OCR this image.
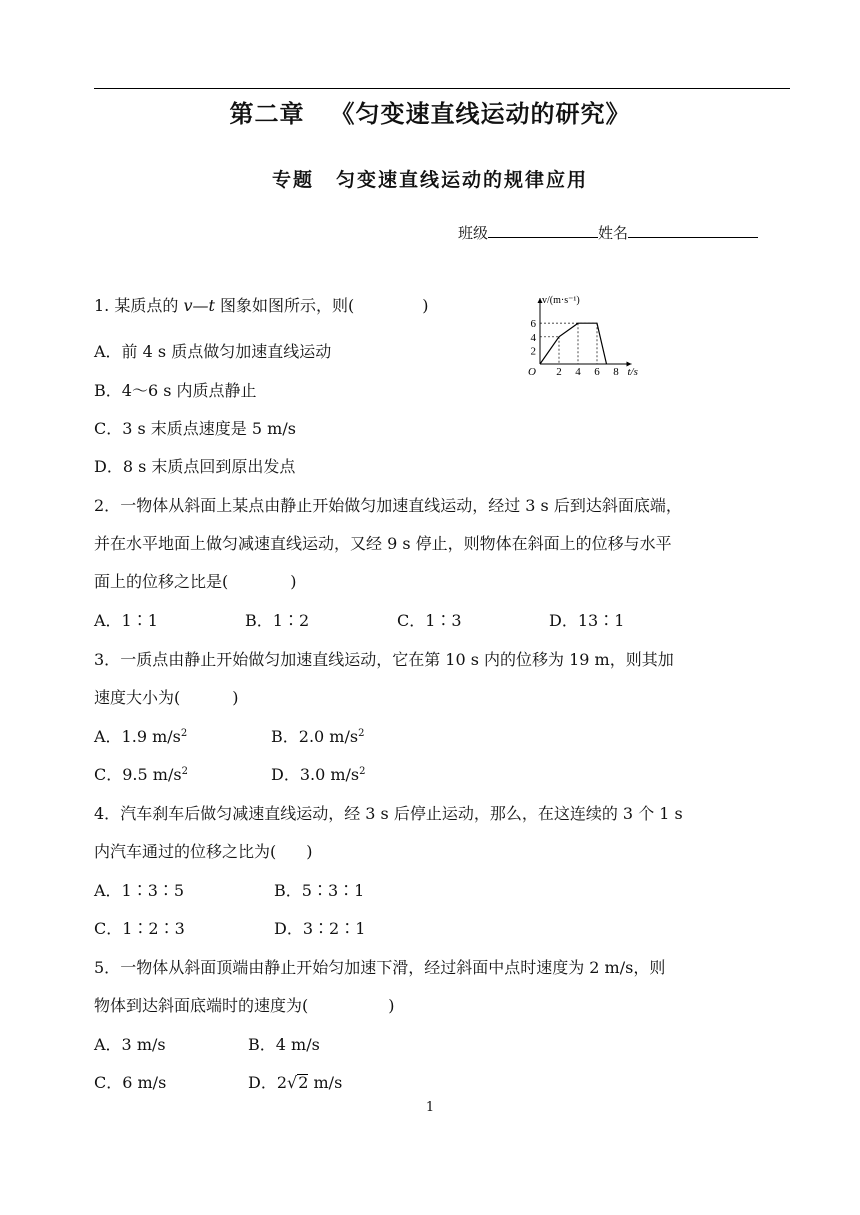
第二章 《匀变速直线运动的研究》
专题 匀变速直线运动的规律应用
班级	姓名
1. 某质点的 v—t 图象如图所示，则(	)
2 4 6 8
2
4
6
O	t/s
v/(m·s⁻¹)
A．前 4 s 质点做匀加速直线运动
B．4～6 s 内质点静止
C．3 s 末质点速度是 5 m/s
D．8 s 末质点回到原出发点
2．一物体从斜面上某点由静止开始做匀加速直线运动，经过 3 s 后到达斜面底端，
并在水平地面上做匀减速直线运动，又经 9 s 停止，则物体在斜面上的位移与水平
面上的位移之比是(	)
A．1∶1	B．1∶2	C．1∶3	D．13∶1
3．一质点由静止开始做匀加速直线运动，它在第 10 s 内的位移为 19 m，则其加
速度大小为(	)
A．1.9 $m/s^2$	B．2.0 $m/s^2$
C．9.5 $m/s^2$	D．3.0 $m/s^2$
4．汽车刹车后做匀减速直线运动，经 3 s 后停止运动，那么，在这连续的 3 个 1 s
内汽车通过的位移之比为( )
A．1∶3∶5	B．5∶3∶1
C．1∶2∶3	D．3∶2∶1
5．一物体从斜面顶端由静止开始匀加速下滑，经过斜面中点时速度为 2 m/s，则
物体到达斜面底端时的速度为(	)
A．3 m/s	B．4 m/s
C．6 m/s	D．2√2 m/s
1
